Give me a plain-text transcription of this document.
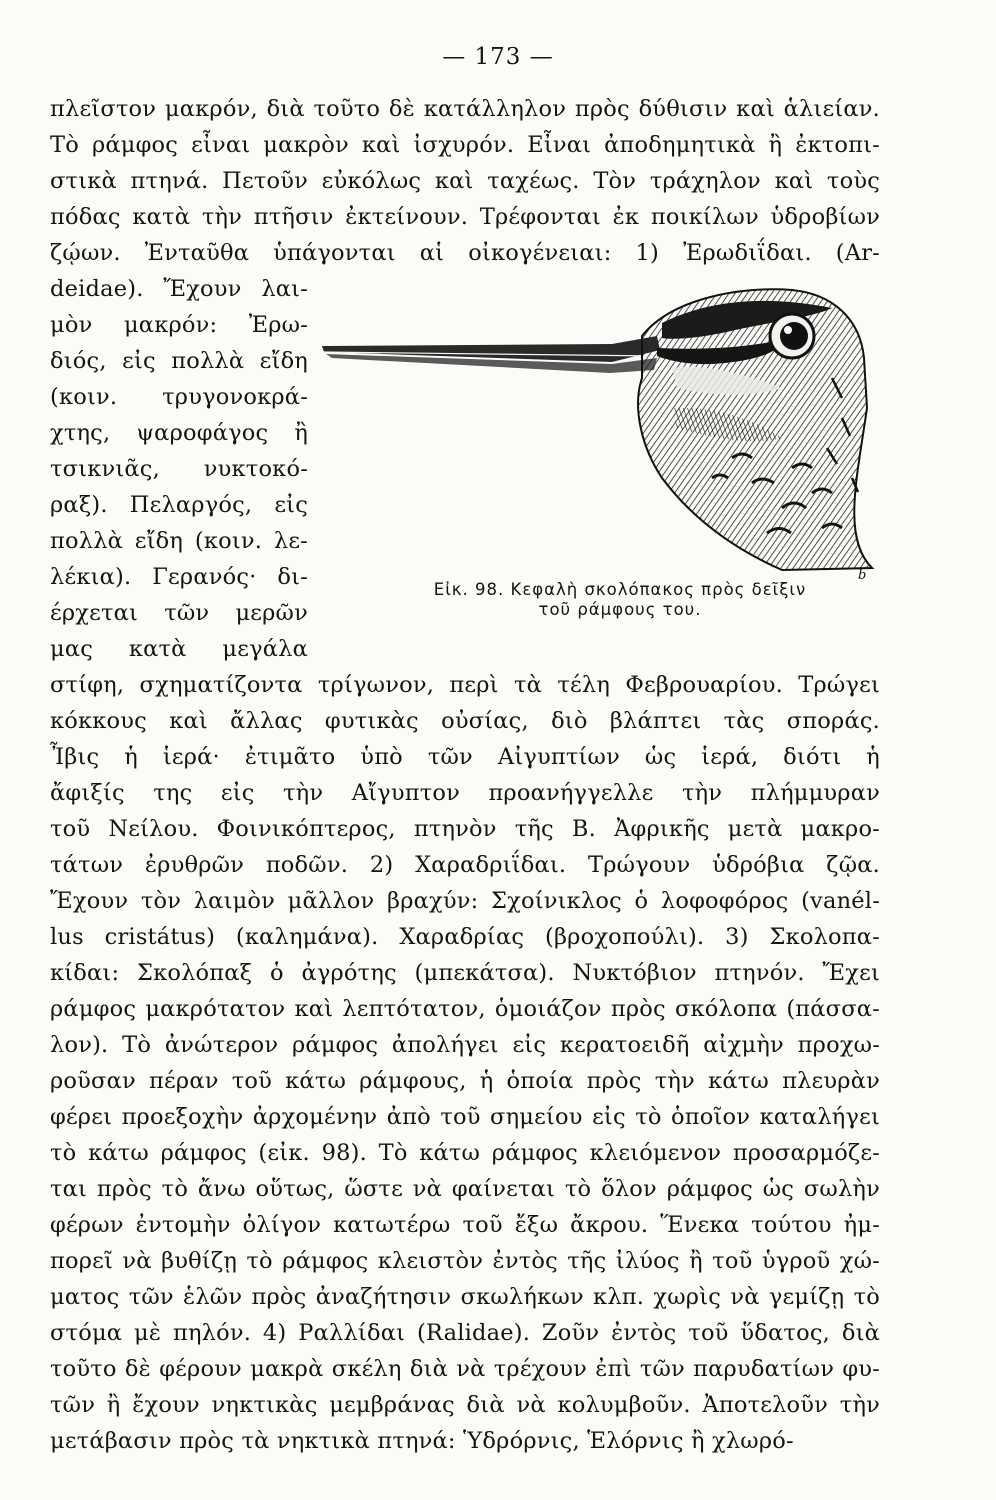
— 173 —
πλεῖστον μακρόν, διὰ τοῦτο δὲ κατάλληλον πρὸς δύθισιν καὶ ἁλιείαν.
Τὸ ράμφος εἶναι μακρὸν καὶ ἰσχυρόν. Εἶναι ἀποδημητικὰ ἢ ἐκτοπι-
στικὰ πτηνά. Πετοῦν εὐκόλως καὶ ταχέως. Τὸν τράχηλον καὶ τοὺς
πόδας κατὰ τὴν πτῆσιν ἐκτείνουν. Τρέφονται ἐκ ποικίλων ὑδροβίων
ζῴων. Ἐνταῦθα ὑπάγονται αἱ οἰκογένειαι: 1) Ἐρωδιΐδαι. (Ar-
deidae). Ἔχουν λαι-
μὸν μακρόν: Ἐρω-
διός, εἰς πολλὰ εἴδη
(κοιν. τρυγονοκρά-
χτης, ψαροφάγος ἢ
τσικνιᾶς, νυκτοκό-
ραξ). Πελαργός, εἰς
πολλὰ εἴδη (κοιν. λε-
λέκια). Γερανός· δι-
έρχεται τῶν μερῶν
μας κατὰ μεγάλα
στίφη, σχηματίζοντα τρίγωνον, περὶ τὰ τέλη Φεβρουαρίου. Τρώγει
κόκκους καὶ ἄλλας φυτικὰς οὐσίας, διὸ βλάπτει τὰς σποράς.
Ἶβις ἡ ἱερά· ἐτιμᾶτο ὑπὸ τῶν Αἰγυπτίων ὡς ἱερά, διότι ἡ
ἄφιξίς της εἰς τὴν Αἴγυπτον προανήγγελλε τὴν πλήμμυραν
τοῦ Νείλου. Φοινικόπτερος, πτηνὸν τῆς Β. Ἀφρικῆς μετὰ μακρο-
τάτων ἐρυθρῶν ποδῶν. 2) Χαραδριΐδαι. Τρώγουν ὑδρόβια ζῷα.
Ἔχουν τὸν λαιμὸν μᾶλλον βραχύν: Σχοίνικλος ὁ λοφοφόρος (vanél-
lus cristátus) (καλημάνα). Χαραδρίας (βροχοπούλι). 3) Σκολοπα-
κίδαι: Σκολόπαξ ὁ ἀγρότης (μπεκάτσα). Νυκτόβιον πτηνόν. Ἔχει
ράμφος μακρότατον καὶ λεπτότατον, ὁμοιάζον πρὸς σκόλοπα (πάσσα-
λον). Τὸ ἀνώτερον ράμφος ἀπολήγει εἰς κερατοειδῆ αἰχμὴν προχω-
ροῦσαν πέραν τοῦ κάτω ράμφους, ἡ ὁποία πρὸς τὴν κάτω πλευρὰν
φέρει προεξοχὴν ἀρχομένην ἀπὸ τοῦ σημείου εἰς τὸ ὁποῖον καταλήγει
τὸ κάτω ράμφος (εἰκ. 98). Τὸ κάτω ράμφος κλειόμενον προσαρμόζε-
ται πρὸς τὸ ἄνω οὕτως, ὥστε νὰ φαίνεται τὸ ὅλον ράμφος ὡς σωλὴν
φέρων ἐντομὴν ὀλίγον κατωτέρω τοῦ ἔξω ἄκρου. Ἕνεκα τούτου ἠμ-
πορεῖ νὰ βυθίζῃ τὸ ράμφος κλειστὸν ἐντὸς τῆς ἰλύος ἢ τοῦ ὑγροῦ χώ-
ματος τῶν ἑλῶν πρὸς ἀναζήτησιν σκωλήκων κλπ. χωρὶς νὰ γεμίζῃ τὸ
στόμα μὲ πηλόν. 4) Ραλλίδαι (Ralidae). Ζοῦν ἐντὸς τοῦ ὕδατος, διὰ
τοῦτο δὲ φέρουν μακρὰ σκέλη διὰ νὰ τρέχουν ἐπὶ τῶν παρυδατίων φυ-
τῶν ἢ ἔχουν νηκτικὰς μεμβράνας διὰ νὰ κολυμβοῦν. Ἀποτελοῦν τὴν
μετάβασιν πρὸς τὰ νηκτικὰ πτηνά: Ὑδρόρνις, Ἑλόρνις ἢ χλωρό-
b
Εἰκ. 98. Κεφαλὴ σκολόπακος πρὸς δεῖξιν
τοῦ ράμφους του.
